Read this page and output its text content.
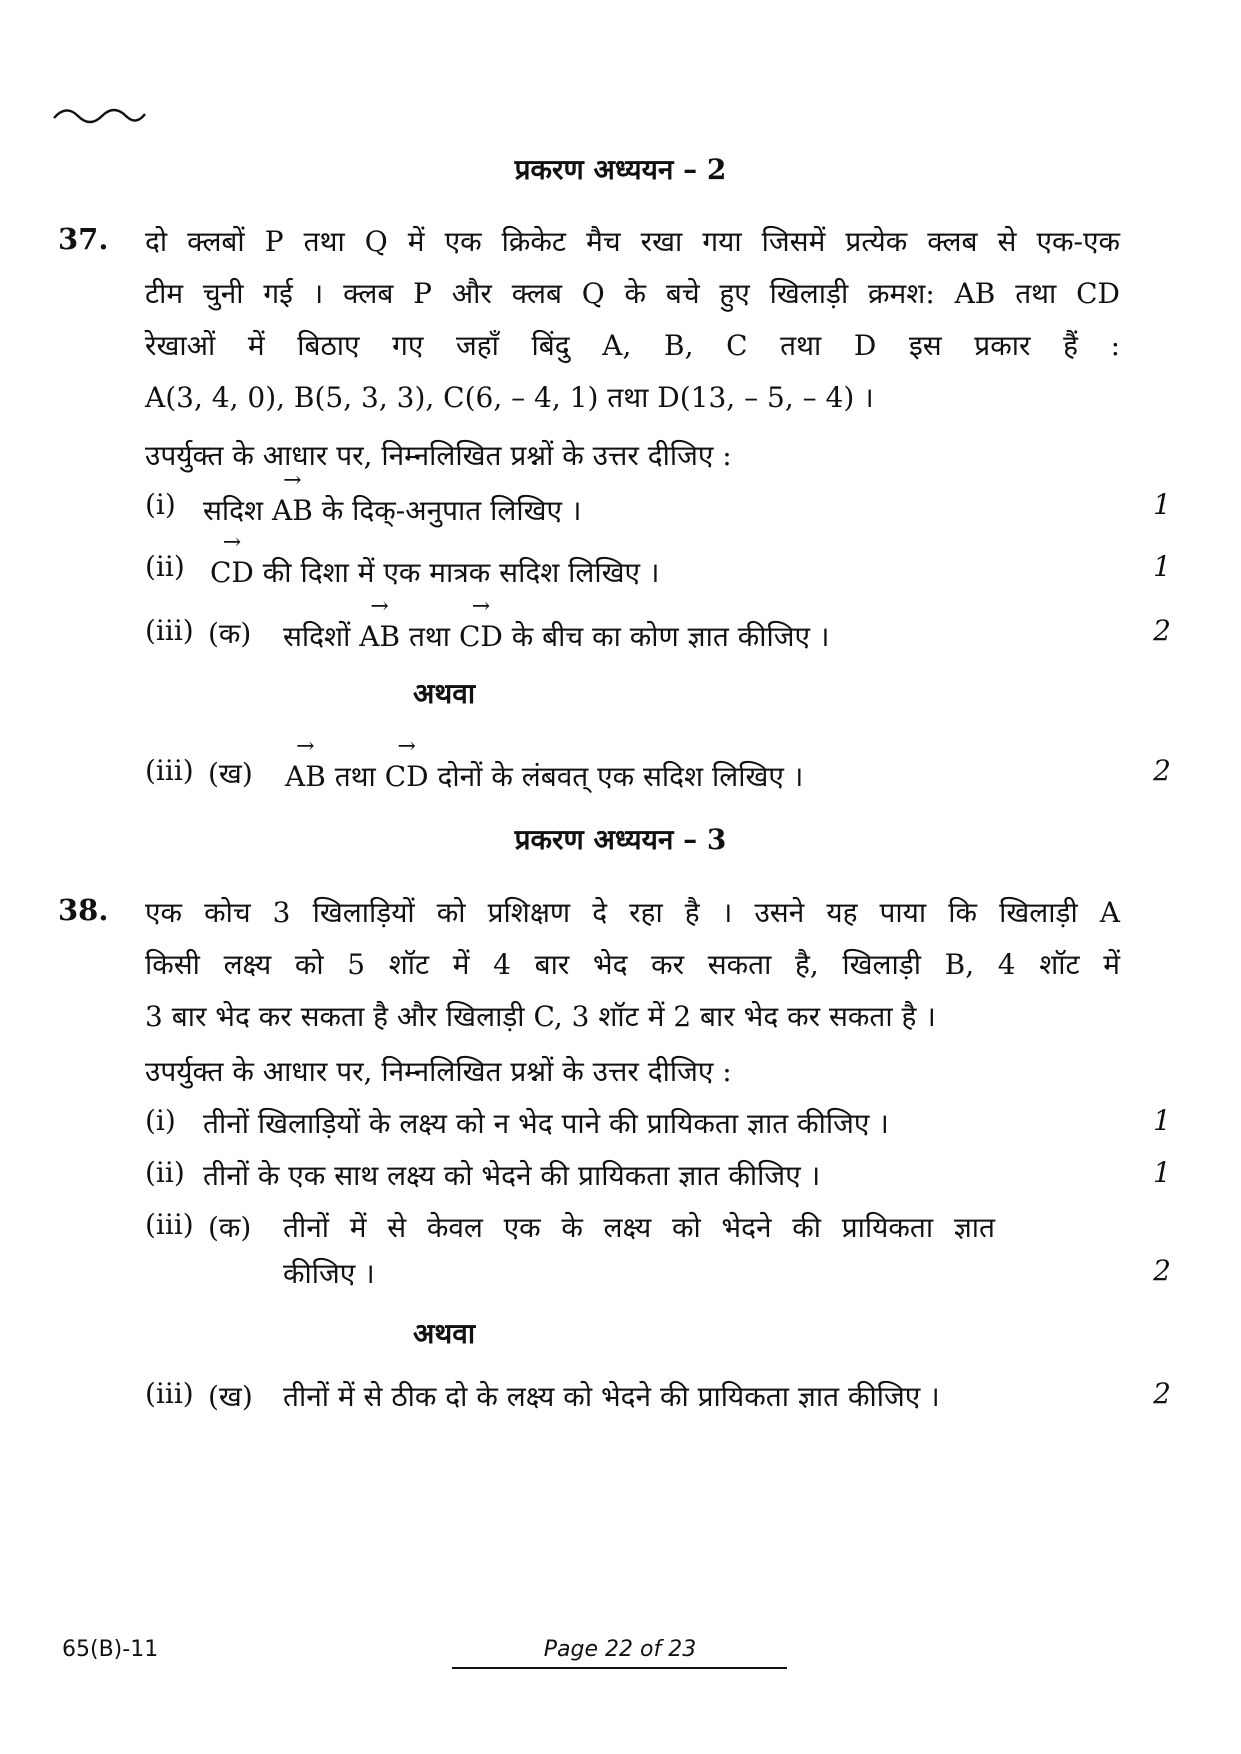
प्रकरण अध्ययन – 2
37. दो क्लबों P तथा Q में एक क्रिकेट मैच रखा गया जिसमें प्रत्येक क्लब से एक-एक
टीम चुनी गई । क्लब P और क्लब Q के बचे हुए खिलाड़ी क्रमश: AB तथा CD
रेखाओं में बिठाए गए जहाँ बिंदु A, B, C तथा D इस प्रकार हैं :
A(3, 4, 0), B(5, 3, 3), C(6, – 4, 1) तथा D(13, – 5, – 4) ।
उपर्युक्त के आधार पर, निम्नलिखित प्रश्नों के उत्तर दीजिए :
(i) सदिश
→
AB के दिक्-अनुपात लिखिए ।	1
(ii)
→
CD की दिशा में एक मात्रक सदिश लिखिए ।	1
(iii) (क) सदिशों
→
AB तथा
→
CD के बीच का कोण ज्ञात कीजिए ।	2
अथवा
(iii) (ख)
→
AB तथा
→
CD दोनों के लंबवत् एक सदिश लिखिए ।	2
प्रकरण अध्ययन – 3
38. एक कोच 3 खिलाड़ियों को प्रशिक्षण दे रहा है । उसने यह पाया कि खिलाड़ी A
किसी लक्ष्य को 5 शॉट में 4 बार भेद कर सकता है, खिलाड़ी B, 4 शॉट में
3 बार भेद कर सकता है और खिलाड़ी C, 3 शॉट में 2 बार भेद कर सकता है ।
उपर्युक्त के आधार पर, निम्नलिखित प्रश्नों के उत्तर दीजिए :
(i) तीनों खिलाड़ियों के लक्ष्य को न भेद पाने की प्रायिकता ज्ञात कीजिए ।	1
(ii) तीनों के एक साथ लक्ष्य को भेदने की प्रायिकता ज्ञात कीजिए ।	1
(iii) (क) तीनों में से केवल एक के लक्ष्य को भेदने की प्रायिकता ज्ञात
कीजिए ।	2
अथवा
(iii) (ख) तीनों में से ठीक दो के लक्ष्य को भेदने की प्रायिकता ज्ञात कीजिए ।	2
65(B)-11	Page 22 of 23
